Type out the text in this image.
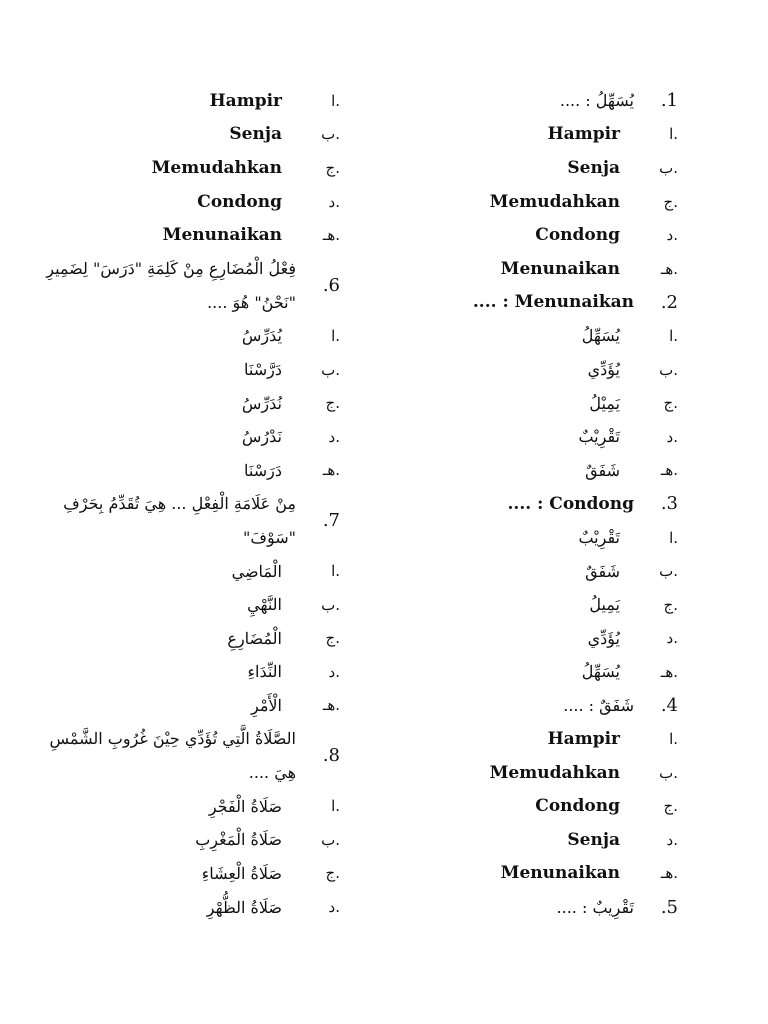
1.
يُسَهِّلُ : ....
.ا
Hampir
.ب
Senja
.ج
Memudahkan
.د
Condong
.هـ
Menunaikan
2.
Menunaikan : ....
.ا
يُسَهِّلُ
.ب
يُؤَدِّي
.ج
يَمِيْلُ
.د
تَقْرِيْبٌ
.هـ
شَفَقٌ
3.
Condong : ....
.ا
تَقْرِيْبٌ
.ب
شَفَقٌ
.ج
يَمِيلُ
.د
يُؤَدِّي
.هـ
يُسَهِّلُ
4.
شَفَقٌ : ....
.ا
Hampir
.ب
Memudahkan
.ج
Condong
.د
Senja
.هـ
Menunaikan
5.
تَقْرِيبٌ : ....
.ا
Hampir
.ب
Senja
.ج
Memudahkan
.د
Condong
.هـ
Menunaikan
6.
فِعْلُ الْمُضَارِعِ مِنْ كَلِمَةِ "دَرَسَ" لِضَمِيرِ "نَحْنُ" هُوَ ....
.ا
يُدَرِّسُ
.ب
دَرَّسْنَا
.ج
نُدَرِّسُ
.د
نَدْرُسُ
.هـ
دَرَسْنَا
7.
مِنْ عَلَامَةِ الْفِعْلِ ... هِيَ تُقَدِّمُ بِحَرْفِ "سَوْفَ"
.ا
الْمَاضِي
.ب
النَّهْيِ
.ج
الْمُضَارِعِ
.د
النِّدَاءِ
.هـ
الْأَمْرِ
8.
الصَّلَاةُ الَّتِي تُؤَدِّي حِيْنَ غُرُوبِ الشَّمْسِ هِيَ ....
.ا
صَلَاةُ الْفَجْرِ
.ب
صَلَاةُ الْمَغْرِبِ
.ج
صَلَاةُ الْعِشَاءِ
.د
صَلَاةُ الظُّهْرِ
